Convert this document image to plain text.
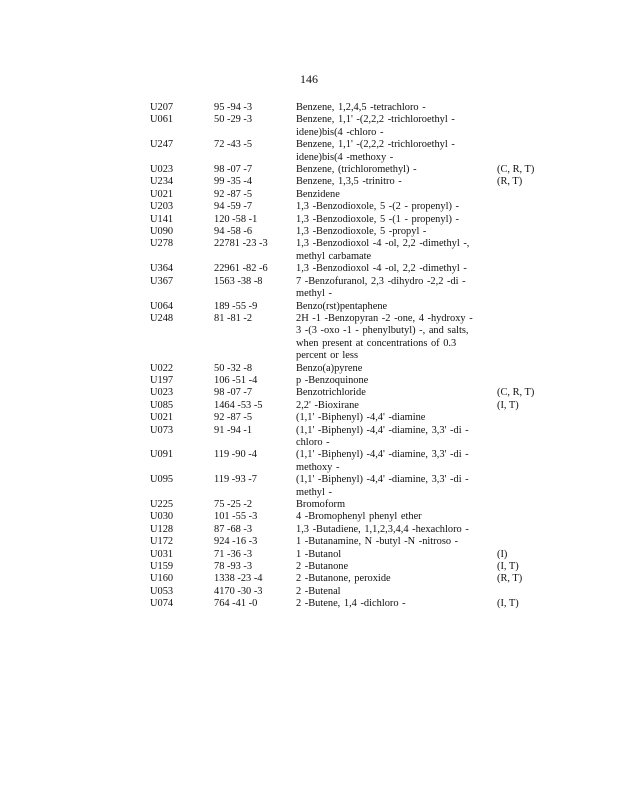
146
U207	95 -94 -3	Benzene, 1,2,4,5 -tetrachloro -
U061	50 -29 -3	Benzene, 1,1' -(2,2,2 -trichloroethyl -
idene)bis(4 -chloro -
U247	72 -43 -5	Benzene, 1,1' -(2,2,2 -trichloroethyl -
idene)bis(4 -methoxy -
U023	98 -07 -7	Benzene, (trichloromethyl) -	(C, R, T)
U234	99 -35 -4	Benzene, 1,3,5 -trinitro -	(R, T)
U021	92 -87 -5	Benzidene
U203	94 -59 -7	1,3 -Benzodioxole, 5 -(2 - propenyl) -
U141	120 -58 -1	1,3 -Benzodioxole, 5 -(1 - propenyl) -
U090	94 -58 -6	1,3 -Benzodioxole, 5 -propyl -
U278	22781 -23 -3	1,3 -Benzodioxol -4 -ol, 2,2 -dimethyl -,
methyl carbamate
U364	22961 -82 -6	1,3 -Benzodioxol -4 -ol, 2,2 -dimethyl -
U367	1563 -38 -8	7 -Benzofuranol, 2,3 -dihydro -2,2 -di -
methyl -
U064	189 -55 -9	Benzo(rst)pentaphene
U248	81 -81 -2	2H -1 -Benzopyran -2 -one, 4 -hydroxy -
3 -(3 -oxo -1 - phenylbutyl) -, and salts,
when present at concentrations of 0.3
percent or less
U022	50 -32 -8	Benzo(a)pyrene
U197	106 -51 -4	p -Benzoquinone
U023	98 -07 -7	Benzotrichloride	(C, R, T)
U085	1464 -53 -5	2,2' -Bioxirane	(I, T)
U021	92 -87 -5	(1,1' -Biphenyl) -4,4' -diamine
U073	91 -94 -1	(1,1' -Biphenyl) -4,4' -diamine, 3,3' -di -
chloro -
U091	119 -90 -4	(1,1' -Biphenyl) -4,4' -diamine, 3,3' -di -
methoxy -
U095	119 -93 -7	(1,1' -Biphenyl) -4,4' -diamine, 3,3' -di -
methyl -
U225	75 -25 -2	Bromoform
U030	101 -55 -3	4 -Bromophenyl phenyl ether
U128	87 -68 -3	1,3 -Butadiene, 1,1,2,3,4,4 -hexachloro -
U172	924 -16 -3	1 -Butanamine, N -butyl -N -nitroso -
U031	71 -36 -3	1 -Butanol	(I)
U159	78 -93 -3	2 -Butanone	(I, T)
U160	1338 -23 -4	2 -Butanone, peroxide	(R, T)
U053	4170 -30 -3	2 -Butenal
U074	764 -41 -0	2 -Butene, 1,4 -dichloro -	(I, T)
